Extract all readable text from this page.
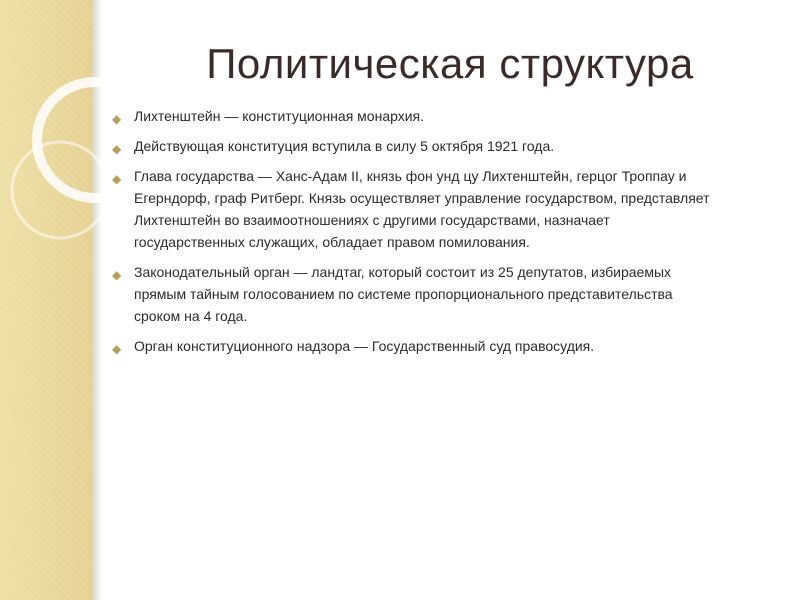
Политическая структура
◆ Лихтенштейн — конституционная монархия.
◆ Действующая конституция вступила в силу 5 октября 1921 года.
◆ Глава государства — Ханс-Адам II, князь фон унд цу Лихтенштейн, герцог Троппау и Егерндорф, граф Ритберг. Князь осуществляет управление государством, представляет Лихтенштейн во взаимоотношениях с другими государствами, назначает государственных служащих, обладает правом помилования.
◆ Законодательный орган — ландтаг, который состоит из 25 депутатов, избираемых прямым тайным голосованием по системе пропорционального представительства сроком на 4 года.
◆ Орган конституционного надзора — Государственный суд правосудия.
